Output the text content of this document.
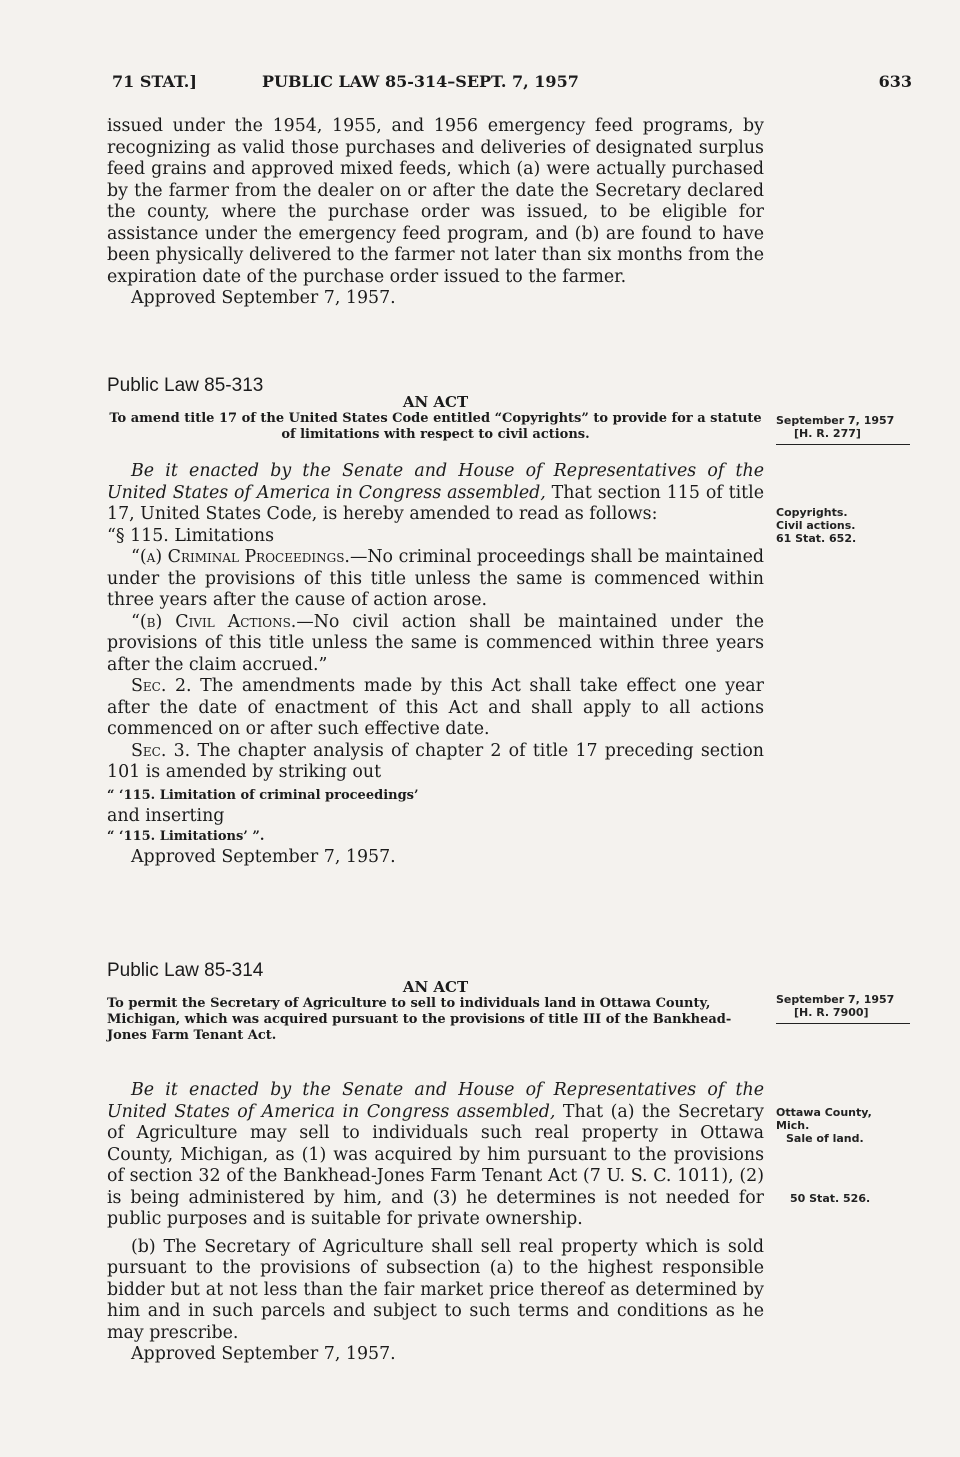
71 STAT.]	PUBLIC LAW 85-314–SEPT. 7, 1957	633

issued under the 1954, 1955, and 1956 emergency feed programs, by recognizing as valid those purchases and deliveries of designated surplus feed grains and approved mixed feeds, which (a) were actually purchased by the farmer from the dealer on or after the date the Secretary declared the county, where the purchase order was issued, to be eligible for assistance under the emergency feed program, and (b) are found to have been physically delivered to the farmer not later than six months from the expiration date of the purchase order issued to the farmer.

Approved September 7, 1957.

Public Law 85-313

AN ACT

To amend title 17 of the United States Code entitled “Copyrights” to provide for a statute of limitations with respect to civil actions.

Be it enacted by the Senate and House of Representatives of the United States of America in Congress assembled, That section 115 of title 17, United States Code, is hereby amended to read as follows:

“§ 115. Limitations

“(a) Criminal Proceedings.—No criminal proceedings shall be maintained under the provisions of this title unless the same is commenced within three years after the cause of action arose.

“(b) Civil Actions.—No civil action shall be maintained under the provisions of this title unless the same is commenced within three years after the claim accrued.”

Sec. 2. The amendments made by this Act shall take effect one year after the date of enactment of this Act and shall apply to all actions commenced on or after such effective date.

Sec. 3. The chapter analysis of chapter 2 of title 17 preceding section 101 is amended by striking out

“ ‘115. Limitation of criminal proceedings’

and inserting

“ ‘115. Limitations’ ”.

Approved September 7, 1957.

Public Law 85-314

AN ACT

To permit the Secretary of Agriculture to sell to individuals land in Ottawa County, Michigan, which was acquired pursuant to the provisions of title III of the Bankhead-Jones Farm Tenant Act.

Be it enacted by the Senate and House of Representatives of the United States of America in Congress assembled, That (a) the Secretary of Agriculture may sell to individuals such real property in Ottawa County, Michigan, as (1) was acquired by him pursuant to the provisions of section 32 of the Bankhead-Jones Farm Tenant Act (7 U. S. C. 1011), (2) is being administered by him, and (3) he determines is not needed for public purposes and is suitable for private ownership.

(b) The Secretary of Agriculture shall sell real property which is sold pursuant to the provisions of subsection (a) to the highest responsible bidder but at not less than the fair market price thereof as determined by him and in such parcels and subject to such terms and conditions as he may prescribe.

Approved September 7, 1957.

September 7, 1957
[H. R. 277]
Copyrights.
Civil actions.
61 Stat. 652.
September 7, 1957
[H. R. 7900]
Ottawa County,
Mich.
Sale of land.
50 Stat. 526.
